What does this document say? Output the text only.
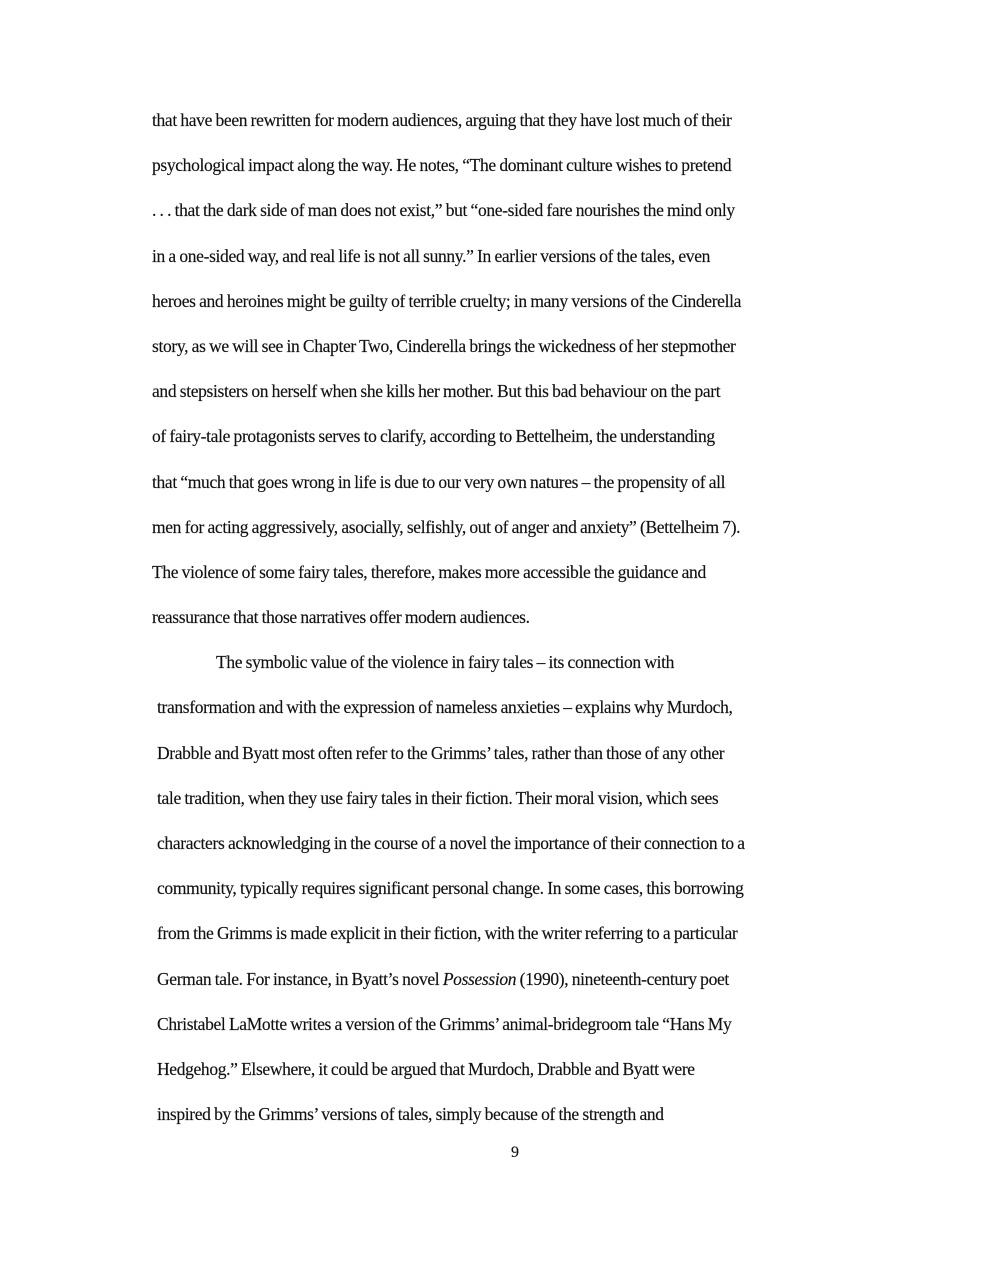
that have been rewritten for modern audiences, arguing that they have lost much of their
psychological impact along the way. He notes, “The dominant culture wishes to pretend
. . . that the dark side of man does not exist,” but “one-sided fare nourishes the mind only
in a one-sided way, and real life is not all sunny.” In earlier versions of the tales, even
heroes and heroines might be guilty of terrible cruelty; in many versions of the Cinderella
story, as we will see in Chapter Two, Cinderella brings the wickedness of her stepmother
and stepsisters on herself when she kills her mother. But this bad behaviour on the part
of fairy-tale protagonists serves to clarify, according to Bettelheim, the understanding
that “much that goes wrong in life is due to our very own natures – the propensity of all
men for acting aggressively, asocially, selfishly, out of anger and anxiety” (Bettelheim 7).
The violence of some fairy tales, therefore, makes more accessible the guidance and
reassurance that those narratives offer modern audiences.
The symbolic value of the violence in fairy tales – its connection with
transformation and with the expression of nameless anxieties – explains why Murdoch,
Drabble and Byatt most often refer to the Grimms’ tales, rather than those of any other
tale tradition, when they use fairy tales in their fiction. Their moral vision, which sees
characters acknowledging in the course of a novel the importance of their connection to a
community, typically requires significant personal change. In some cases, this borrowing
from the Grimms is made explicit in their fiction, with the writer referring to a particular
German tale. For instance, in Byatt’s novel Possession (1990), nineteenth-century poet
Christabel LaMotte writes a version of the Grimms’ animal-bridegroom tale “Hans My
Hedgehog.” Elsewhere, it could be argued that Murdoch, Drabble and Byatt were
inspired by the Grimms’ versions of tales, simply because of the strength and
9
